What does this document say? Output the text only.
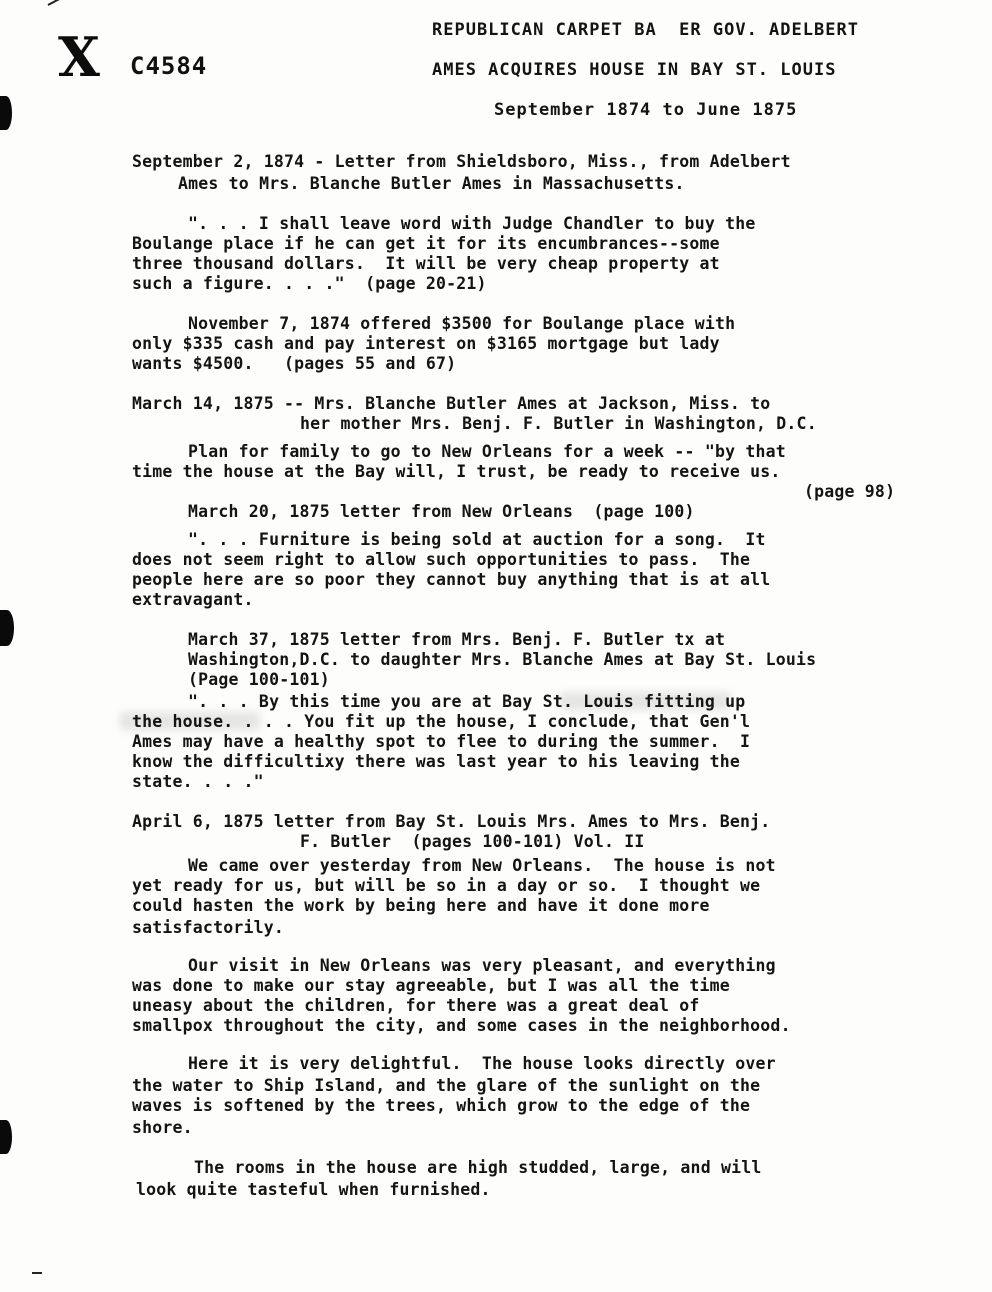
X C4584
REPUBLICAN CARPET BA  ER GOV. ADELBERT
AMES ACQUIRES HOUSE IN BAY ST. LOUIS
September 1874 to June 1875
September 2, 1874 - Letter from Shieldsboro, Miss., from Adelbert
Ames to Mrs. Blanche Butler Ames in Massachusetts.
". . . I shall leave word with Judge Chandler to buy the
Boulange place if he can get it for its encumbrances--some
three thousand dollars.  It will be very cheap property at
such a figure. . . ."  (page 20-21)
November 7, 1874 offered $3500 for Boulange place with
only $335 cash and pay interest on $3165 mortgage but lady
wants $4500.   (pages 55 and 67)
March 14, 1875 -- Mrs. Blanche Butler Ames at Jackson, Miss. to
her mother Mrs. Benj. F. Butler in Washington, D.C.
Plan for family to go to New Orleans for a week -- "by that
time the house at the Bay will, I trust, be ready to receive us.
(page 98)
March 20, 1875 letter from New Orleans  (page 100)
". . . Furniture is being sold at auction for a song.  It
does not seem right to allow such opportunities to pass.  The
people here are so poor they cannot buy anything that is at all
extravagant.
March 37, 1875 letter from Mrs. Benj. F. Butler tx at
Washington,D.C. to daughter Mrs. Blanche Ames at Bay St. Louis
(Page 100-101)
". . . By this time you are at Bay St. Louis fitting up
the house. . . . You fit up the house, I conclude, that Gen'l
Ames may have a healthy spot to flee to during the summer.  I
know the difficultixy there was last year to his leaving the
state. . . ."
April 6, 1875 letter from Bay St. Louis Mrs. Ames to Mrs. Benj.
F. Butler  (pages 100-101) Vol. II
We came over yesterday from New Orleans.  The house is not
yet ready for us, but will be so in a day or so.  I thought we
could hasten the work by being here and have it done more
satisfactorily.
Our visit in New Orleans was very pleasant, and everything
was done to make our stay agreeable, but I was all the time
uneasy about the children, for there was a great deal of
smallpox throughout the city, and some cases in the neighborhood.
Here it is very delightful.  The house looks directly over
the water to Ship Island, and the glare of the sunlight on the
waves is softened by the trees, which grow to the edge of the
shore.
The rooms in the house are high studded, large, and will
look quite tasteful when furnished.
